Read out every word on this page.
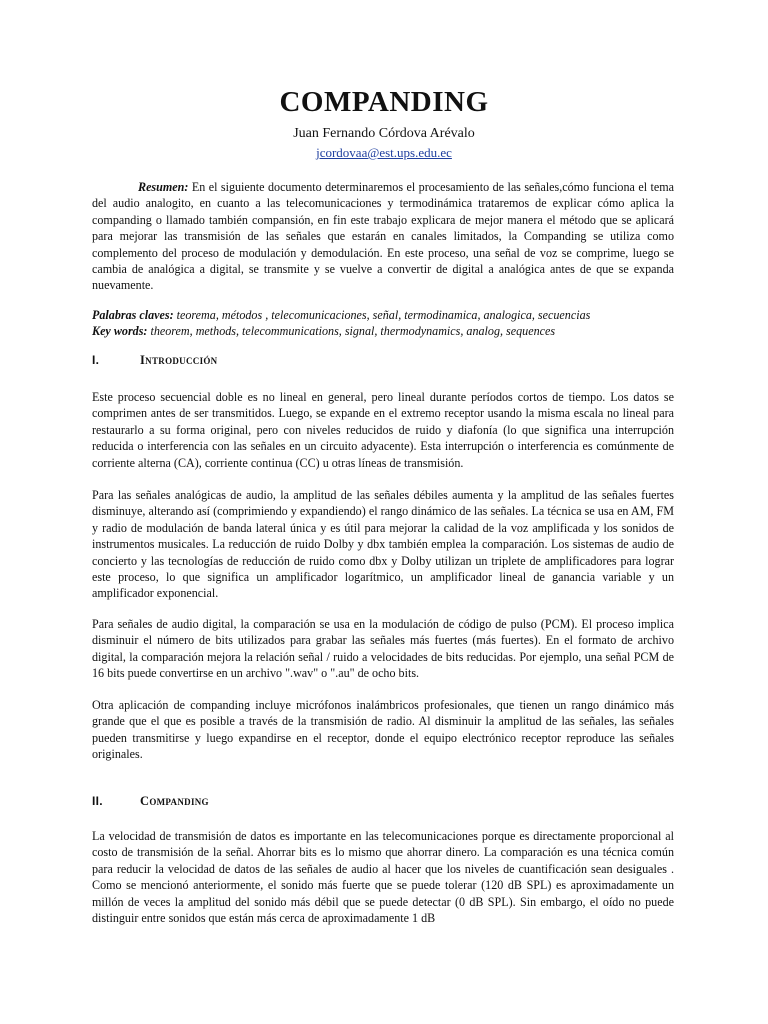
COMPANDING
Juan Fernando Córdova Arévalo
jcordovaa@est.ups.edu.ec
Resumen: En el siguiente documento determinaremos el procesamiento de las señales,cómo funciona el tema del audio analogito, en cuanto a las telecomunicaciones y termodinámica trataremos de explicar cómo aplica la companding o llamado también compansión, en fin este trabajo explicara de mejor manera el método que se aplicará para mejorar las transmisión de las señales que estarán en canales limitados, la Companding se utiliza como complemento del proceso de modulación y demodulación. En este proceso, una señal de voz se comprime, luego se cambia de analógica a digital, se transmite y se vuelve a convertir de digital a analógica antes de que se expanda nuevamente.
Palabras claves: teorema, métodos , telecomunicaciones, señal, termodinamica, analogica, secuencias
Key words: theorem, methods, telecommunications, signal, thermodynamics, analog, sequences
I.	Introducción
Este proceso secuencial doble es no lineal en general, pero lineal durante períodos cortos de tiempo. Los datos se comprimen antes de ser transmitidos. Luego, se expande en el extremo receptor usando la misma escala no lineal para restaurarlo a su forma original, pero con niveles reducidos de ruido y diafonía (lo que significa una interrupción reducida o interferencia con las señales en un circuito adyacente). Esta interrupción o interferencia es comúnmente de corriente alterna (CA), corriente continua (CC) u otras líneas de transmisión.
Para las señales analógicas de audio, la amplitud de las señales débiles aumenta y la amplitud de las señales fuertes disminuye, alterando así (comprimiendo y expandiendo) el rango dinámico de las señales. La técnica se usa en AM, FM y radio de modulación de banda lateral única y es útil para mejorar la calidad de la voz amplificada y los sonidos de instrumentos musicales. La reducción de ruido Dolby y dbx también emplea la comparación. Los sistemas de audio de concierto y las tecnologías de reducción de ruido como dbx y Dolby utilizan un triplete de amplificadores para lograr este proceso, lo que significa un amplificador logarítmico, un amplificador lineal de ganancia variable y un amplificador exponencial.
Para señales de audio digital, la comparación se usa en la modulación de código de pulso (PCM). El proceso implica disminuir el número de bits utilizados para grabar las señales más fuertes (más fuertes). En el formato de archivo digital, la comparación mejora la relación señal / ruido a velocidades de bits reducidas. Por ejemplo, una señal PCM de 16 bits puede convertirse en un archivo ".wav" o ".au" de ocho bits.
Otra aplicación de companding incluye micrófonos inalámbricos profesionales, que tienen un rango dinámico más grande que el que es posible a través de la transmisión de radio. Al disminuir la amplitud de las señales, las señales pueden transmitirse y luego expandirse en el receptor, donde el equipo electrónico receptor reproduce las señales originales.
II.	Companding
La velocidad de transmisión de datos es importante en las telecomunicaciones porque es directamente proporcional al costo de transmisión de la señal. Ahorrar bits es lo mismo que ahorrar dinero. La comparación es una técnica común para reducir la velocidad de datos de las señales de audio al hacer que los niveles de cuantificación sean desiguales . Como se mencionó anteriormente, el sonido más fuerte que se puede tolerar (120 dB SPL) es aproximadamente un millón de veces la amplitud del sonido más débil que se puede detectar (0 dB SPL). Sin embargo, el oído no puede distinguir entre sonidos que están más cerca de aproximadamente 1 dB
